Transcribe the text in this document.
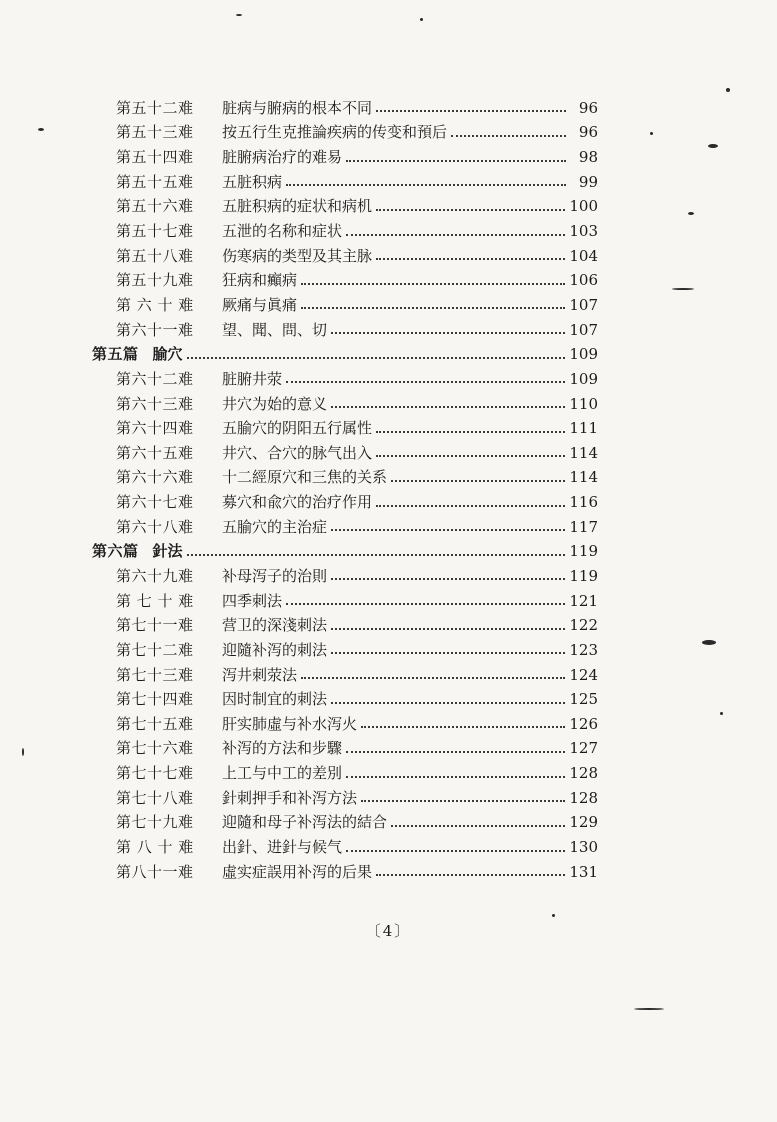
第五十二难	脏病与腑病的根本不同	96
第五十三难	按五行生克推論疾病的传变和預后	96
第五十四难	脏腑病治疗的难易	98
第五十五难	五脏积病	99
第五十六难	五脏积病的症状和病机	100
第五十七难	五泄的名称和症状	103
第五十八难	伤寒病的类型及其主脉	104
第五十九难	狂病和癲病	106
第 六 十 难	厥痛与眞痛	107
第六十一难	望、聞、問、切	107
第五篇 腧穴	109
第六十二难	脏腑井荥	109
第六十三难	井穴为始的意义	110
第六十四难	五腧穴的阴阳五行属性	111
第六十五难	井穴、合穴的脉气出入	114
第六十六难	十二經原穴和三焦的关系	114
第六十七难	募穴和兪穴的治疗作用	116
第六十八难	五腧穴的主治症	117
第六篇 針法	119
第六十九难	补母泻子的治則	119
第 七 十 难	四季刺法	121
第七十一难	营卫的深淺刺法	122
第七十二难	迎隨补泻的刺法	123
第七十三难	泻井刺荥法	124
第七十四难	因时制宜的刺法	125
第七十五难	肝实肺虛与补水泻火	126
第七十六难	补泻的方法和步驟	127
第七十七难	上工与中工的差別	128
第七十八难	針刺押手和补泻方法	128
第七十九难	迎隨和母子补泻法的結合	129
第 八 十 难	出針、进針与候气	130
第八十一难	虛实症誤用补泻的后果	131
〔4〕
